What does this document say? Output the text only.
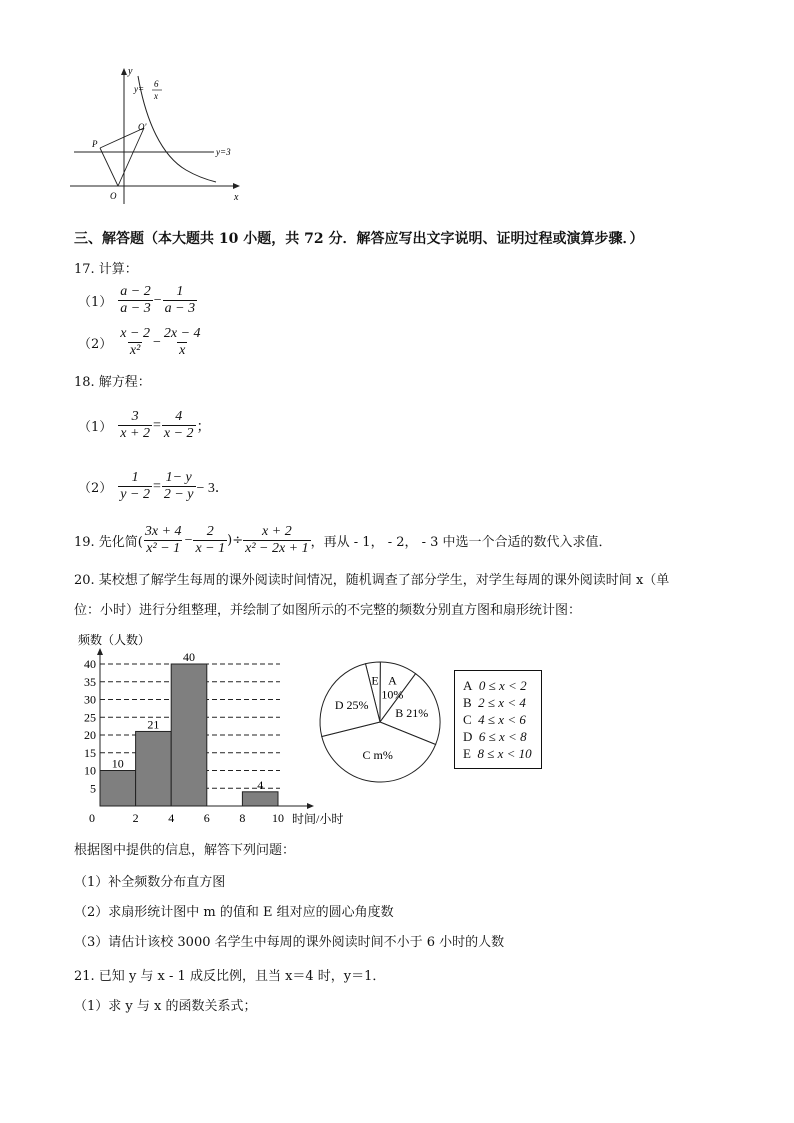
y
x
y= 6
x
y=3
P
O
O'
三、解答题（本大题共 10 小题，共 72 分．解答应写出文字说明、证明过程或演算步骤．）
17. 计算：
$(1) \frac{a - 2}{a - 3} - \frac{1}{a - 3}$
$(2) \frac{x - 2}{\text{x²}} - \frac{2x - 4}{x}$
18. 解方程：
$(1) \frac{3}{x + 2} = \frac{4}{x - 2}$ ；
$(2) \frac{1}{y - 2} = \frac{1- y}{2 - y} - 3$．
19. 先化简( $\frac{3x + 4}{\text{x² − 1}} - \frac{2}{x - 1}$ )÷ $\frac{x + 2}{\text{x² − 2x + 1}}$ ，再从 - 1， - 2， - 3 中选一个合适的数代入求值．
20. 某校想了解学生每周的课外阅读时间情况，随机调查了部分学生，对学生每周的课外阅读时间 x（单
位：小时）进行分组整理，并绘制了如图所示的不完整的频数分别直方图和扇形统计图：
频数（人数）
时间/小时
5
10
15
20
25
30
35
40
0	2 4 6 8 10
10
21
40
4
E A
10%
B 21%
C m%
D 25%
A 0 ≤ x < 2
B 2 ≤ x < 4
C 4 ≤ x < 6
D 6 ≤ x < 8
E 8 ≤ x < 10
根据图中提供的信息，解答下列问题：
（1）补全频数分布直方图
（2）求扇形统计图中 m 的值和 E 组对应的圆心角度数
（3）请估计该校 3000 名学生中每周的课外阅读时间不小于 6 小时的人数
21. 已知 y 与 x - 1 成反比例，且当 x＝4 时，y＝1．
（1）求 y 与 x 的函数关系式；
